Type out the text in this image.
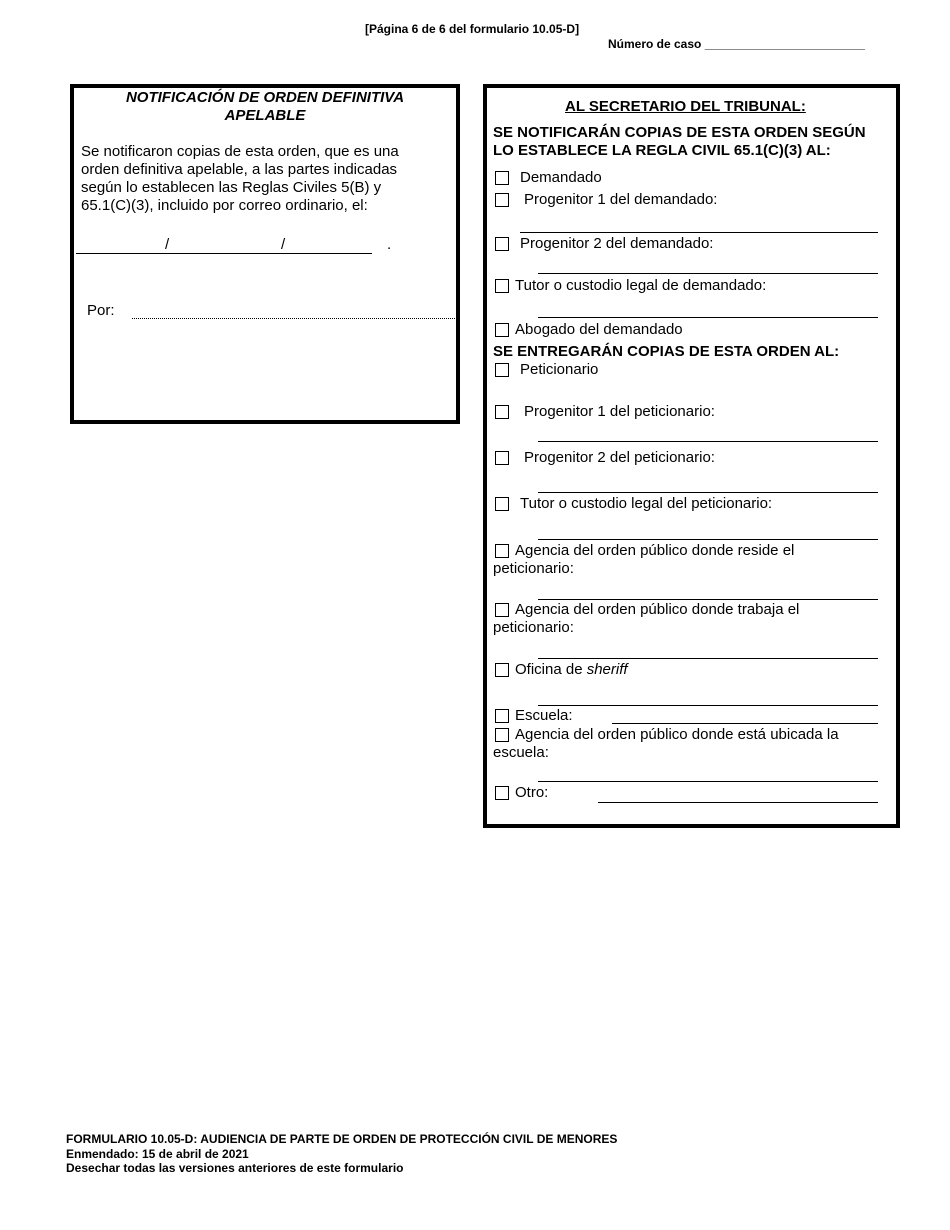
[Página 6 de 6 del formulario 10.05-D]
Número de caso ________________________
NOTIFICACIÓN DE ORDEN DEFINITIVA
APELABLE
Se notificaron copias de esta orden, que es una
orden definitiva apelable, a las partes indicadas
según lo establecen las Reglas Civiles 5(B) y
65.1(C)(3), incluido por correo ordinario, el:
/	/	.
Por:
AL SECRETARIO DEL TRIBUNAL:
SE NOTIFICARÁN COPIAS DE ESTA ORDEN SEGÚN
LO ESTABLECE LA REGLA CIVIL 65.1(C)(3) AL:
Demandado
Progenitor 1 del demandado:
Progenitor 2 del demandado:
Tutor o custodio legal de demandado:
Abogado del demandado
SE ENTREGARÁN COPIAS DE ESTA ORDEN AL:
Peticionario
Progenitor 1 del peticionario:
Progenitor 2 del peticionario:
Tutor o custodio legal del peticionario:
Agencia del orden público donde reside el
peticionario:
Agencia del orden público donde trabaja el
peticionario:
Oficina de sheriff
Escuela:
Agencia del orden público donde está ubicada la
escuela:
Otro:
FORMULARIO 10.05-D: AUDIENCIA DE PARTE DE ORDEN DE PROTECCIÓN CIVIL DE MENORES
Enmendado: 15 de abril de 2021
Desechar todas las versiones anteriores de este formulario
